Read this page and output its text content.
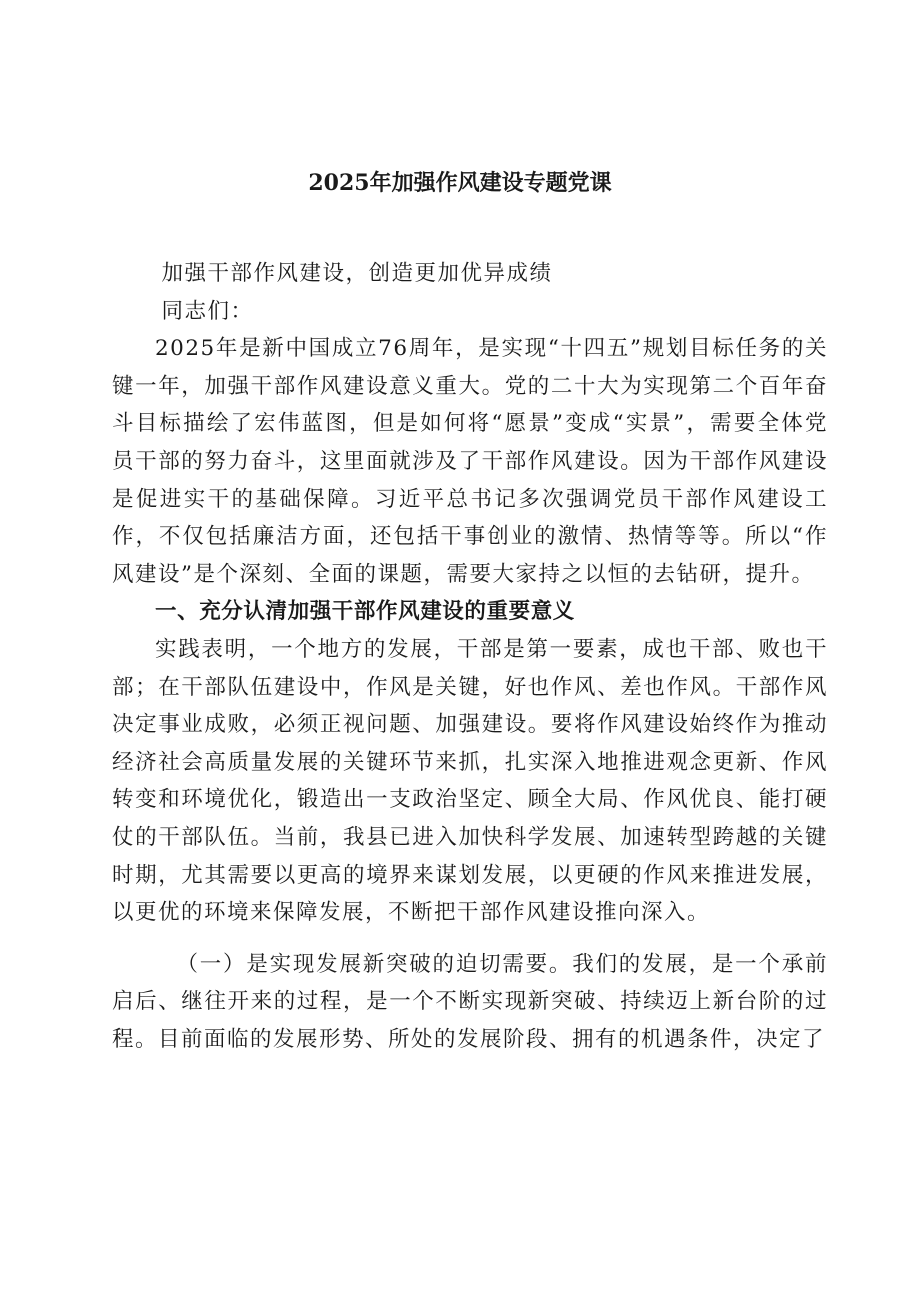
2025年加强作风建设专题党课

加强干部作风建设，创造更加优异成绩

同志们：

2025年是新中国成立76周年，是实现“十四五”规划目标任务的关键一年，加强干部作风建设意义重大。党的二十大为实现第二个百年奋斗目标描绘了宏伟蓝图，但是如何将“愿景”变成“实景”，需要全体党员干部的努力奋斗，这里面就涉及了干部作风建设。因为干部作风建设是促进实干的基础保障。习近平总书记多次强调党员干部作风建设工作，不仅包括廉洁方面，还包括干事创业的激情、热情等等。所以“作风建设”是个深刻、全面的课题，需要大家持之以恒的去钻研，提升。

一、充分认清加强干部作风建设的重要意义

实践表明，一个地方的发展，干部是第一要素，成也干部、败也干部；在干部队伍建设中，作风是关键，好也作风、差也作风。干部作风决定事业成败，必须正视问题、加强建设。要将作风建设始终作为推动经济社会高质量发展的关键环节来抓，扎实深入地推进观念更新、作风转变和环境优化，锻造出一支政治坚定、顾全大局、作风优良、能打硬仗的干部队伍。当前，我县已进入加快科学发展、加速转型跨越的关键时期，尤其需要以更高的境界来谋划发展，以更硬的作风来推进发展，以更优的环境来保障发展，不断把干部作风建设推向深入。

（一）是实现发展新突破的迫切需要。我们的发展，是一个承前启后、继往开来的过程，是一个不断实现新突破、持续迈上新台阶的过程。目前面临的发展形势、所处的发展阶段、拥有的机遇条件，决定了
